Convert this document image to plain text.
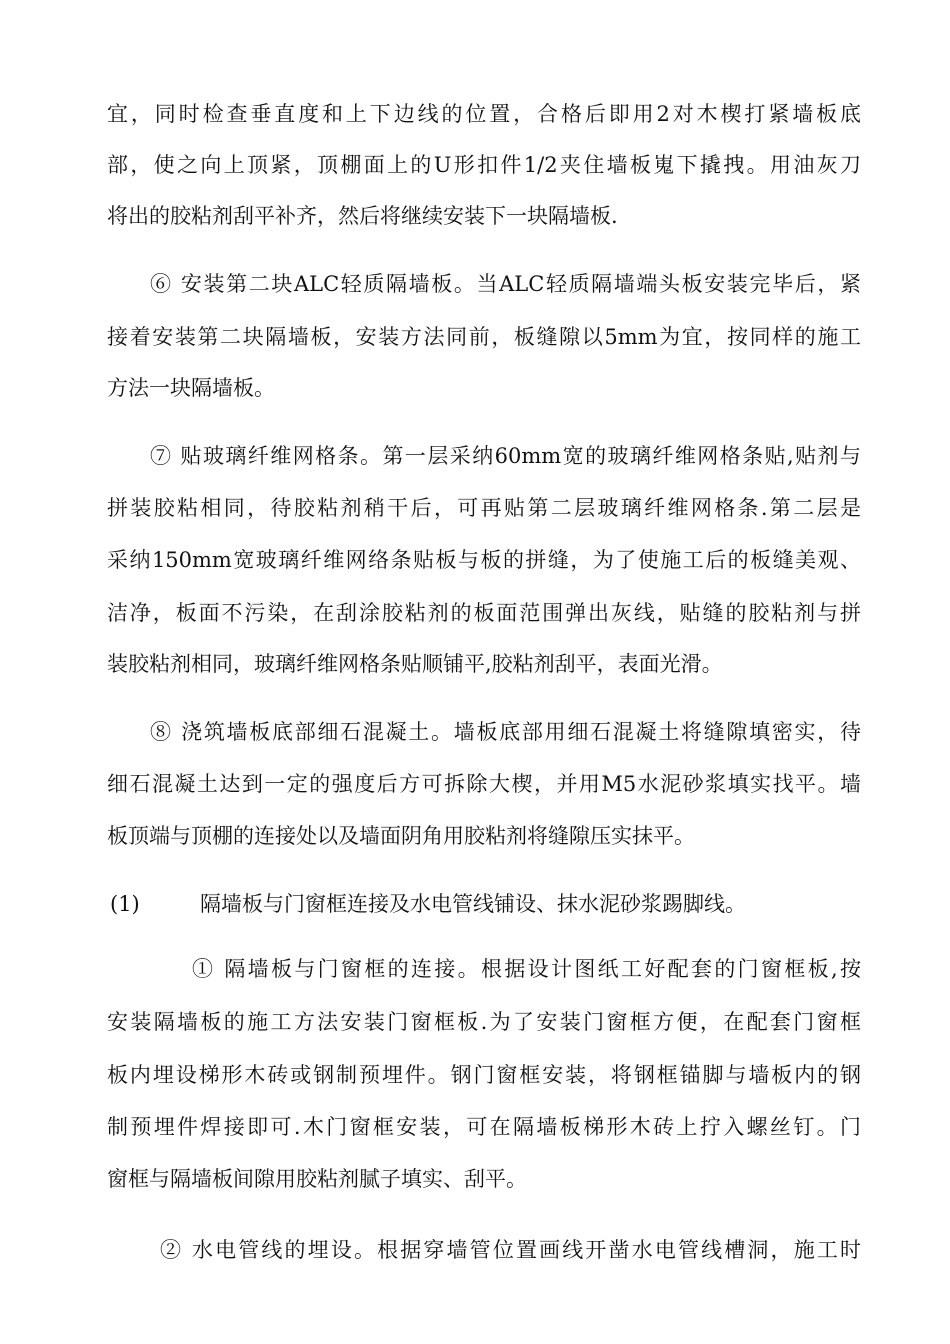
宜，同时检查垂直度和上下边线的位置，合格后即用2对木楔打紧墙板底
部，使之向上顶紧，顶棚面上的U形扣件1/2夹住墙板嵬下撬拽。用油灰刀
将出的胶粘剂刮平补齐，然后将继续安装下一块隔墙板.
⑥ 安装第二块ALC轻质隔墙板。当ALC轻质隔墙端头板安装完毕后，紧
接着安装第二块隔墙板，安装方法同前，板缝隙以5mm为宜，按同样的施工
方法一块隔墙板。
⑦ 贴玻璃纤维网格条。第一层采纳60mm宽的玻璃纤维网格条贴,贴剂与
拼装胶粘相同，待胶粘剂稍干后，可再贴第二层玻璃纤维网格条.第二层是
采纳150mm宽玻璃纤维网络条贴板与板的拼缝，为了使施工后的板缝美观、
洁净，板面不污染，在刮涂胶粘剂的板面范围弹出灰线，贴缝的胶粘剂与拼
装胶粘剂相同，玻璃纤维网格条贴顺铺平,胶粘剂刮平，表面光滑。
⑧ 浇筑墙板底部细石混凝土。墙板底部用细石混凝土将缝隙填密实，待
细石混凝土达到一定的强度后方可拆除大楔，并用M5水泥砂浆填实找平。墙
板顶端与顶棚的连接处以及墙面阴角用胶粘剂将缝隙压实抹平。
(1)	隔墙板与门窗框连接及水电管线铺设、抹水泥砂浆踢脚线。
① 隔墙板与门窗框的连接。根据设计图纸工好配套的门窗框板,按
安装隔墙板的施工方法安装门窗框板.为了安装门窗框方便，在配套门窗框
板内埋设梯形木砖或钢制预埋件。钢门窗框安装，将钢框锚脚与墙板内的钢
制预埋件焊接即可.木门窗框安装，可在隔墙板梯形木砖上拧入螺丝钉。门
窗框与隔墙板间隙用胶粘剂腻子填实、刮平。
② 水电管线的埋设。根据穿墙管位置画线开凿水电管线槽洞，施工时
